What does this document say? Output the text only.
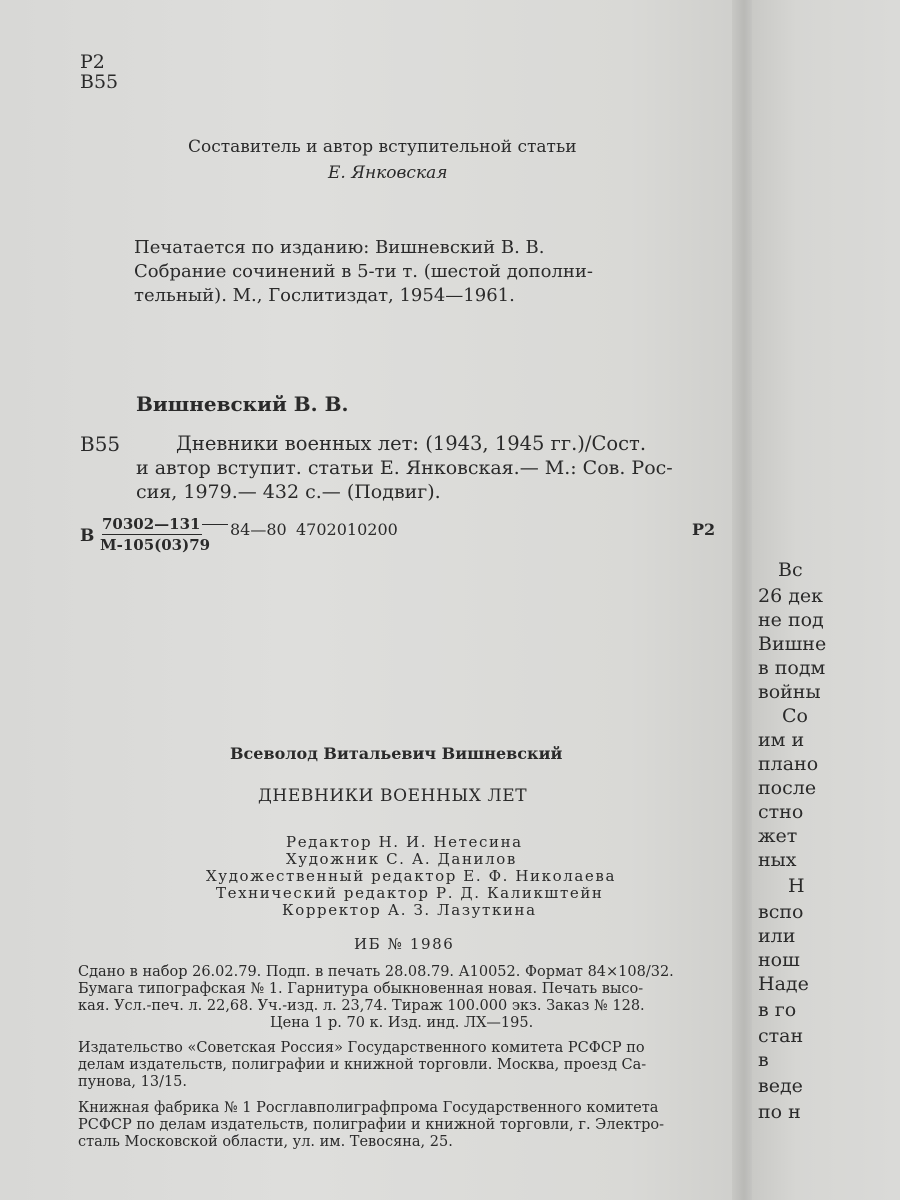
Р2
В55
Составитель и автор вступительной статьи
Е. Янковская
Печатается по изданию: Вишневский В. В.
Собрание сочинений в 5-ти т. (шестой дополни-
тельный). М., Гослитиздат, 1954—1961.
Вишневский В. В.
В55	Дневники военных лет: (1943, 1945 гг.)/Сост.
и автор вступит. статьи Е. Янковская.— М.: Сов. Рос-
сия, 1979.— 432 с.— (Подвиг).
В
70302—131
М-105(03)79
84—80 4702010200	Р2
Всеволод Витальевич Вишневский
ДНЕВНИКИ ВОЕННЫХ ЛЕТ
Редактор Н. И. Нетесина
Художник С. А. Данилов
Художественный редактор Е. Ф. Николаева
Технический редактор Р. Д. Каликштейн
Корректор А. З. Лазуткина
ИБ № 1986
Сдано в набор 26.02.79. Подп. в печать 28.08.79. А10052. Формат 84×108/32.
Бумага типографская № 1. Гарнитура обыкновенная новая. Печать высо-
кая. Усл.-печ. л. 22,68. Уч.-изд. л. 23,74. Тираж 100.000 экз. Заказ № 128.
Цена 1 р. 70 к. Изд. инд. ЛХ—195.
Издательство «Советская Россия» Государственного комитета РСФСР по
делам издательств, полиграфии и книжной торговли. Москва, проезд Са-
пунова, 13/15.
Книжная фабрика № 1 Росглавполиграфпрома Государственного комитета
РСФСР по делам издательств, полиграфии и книжной торговли, г. Электро-
сталь Московской области, ул. им. Тевосяна, 25.
Вс
26 дек
не под
Вишне
в подм
войны
Со
им и
плано
после
стно
жет
ных
Н
вспо
или
нош
Наде
в го
стан
в
веде
по н
